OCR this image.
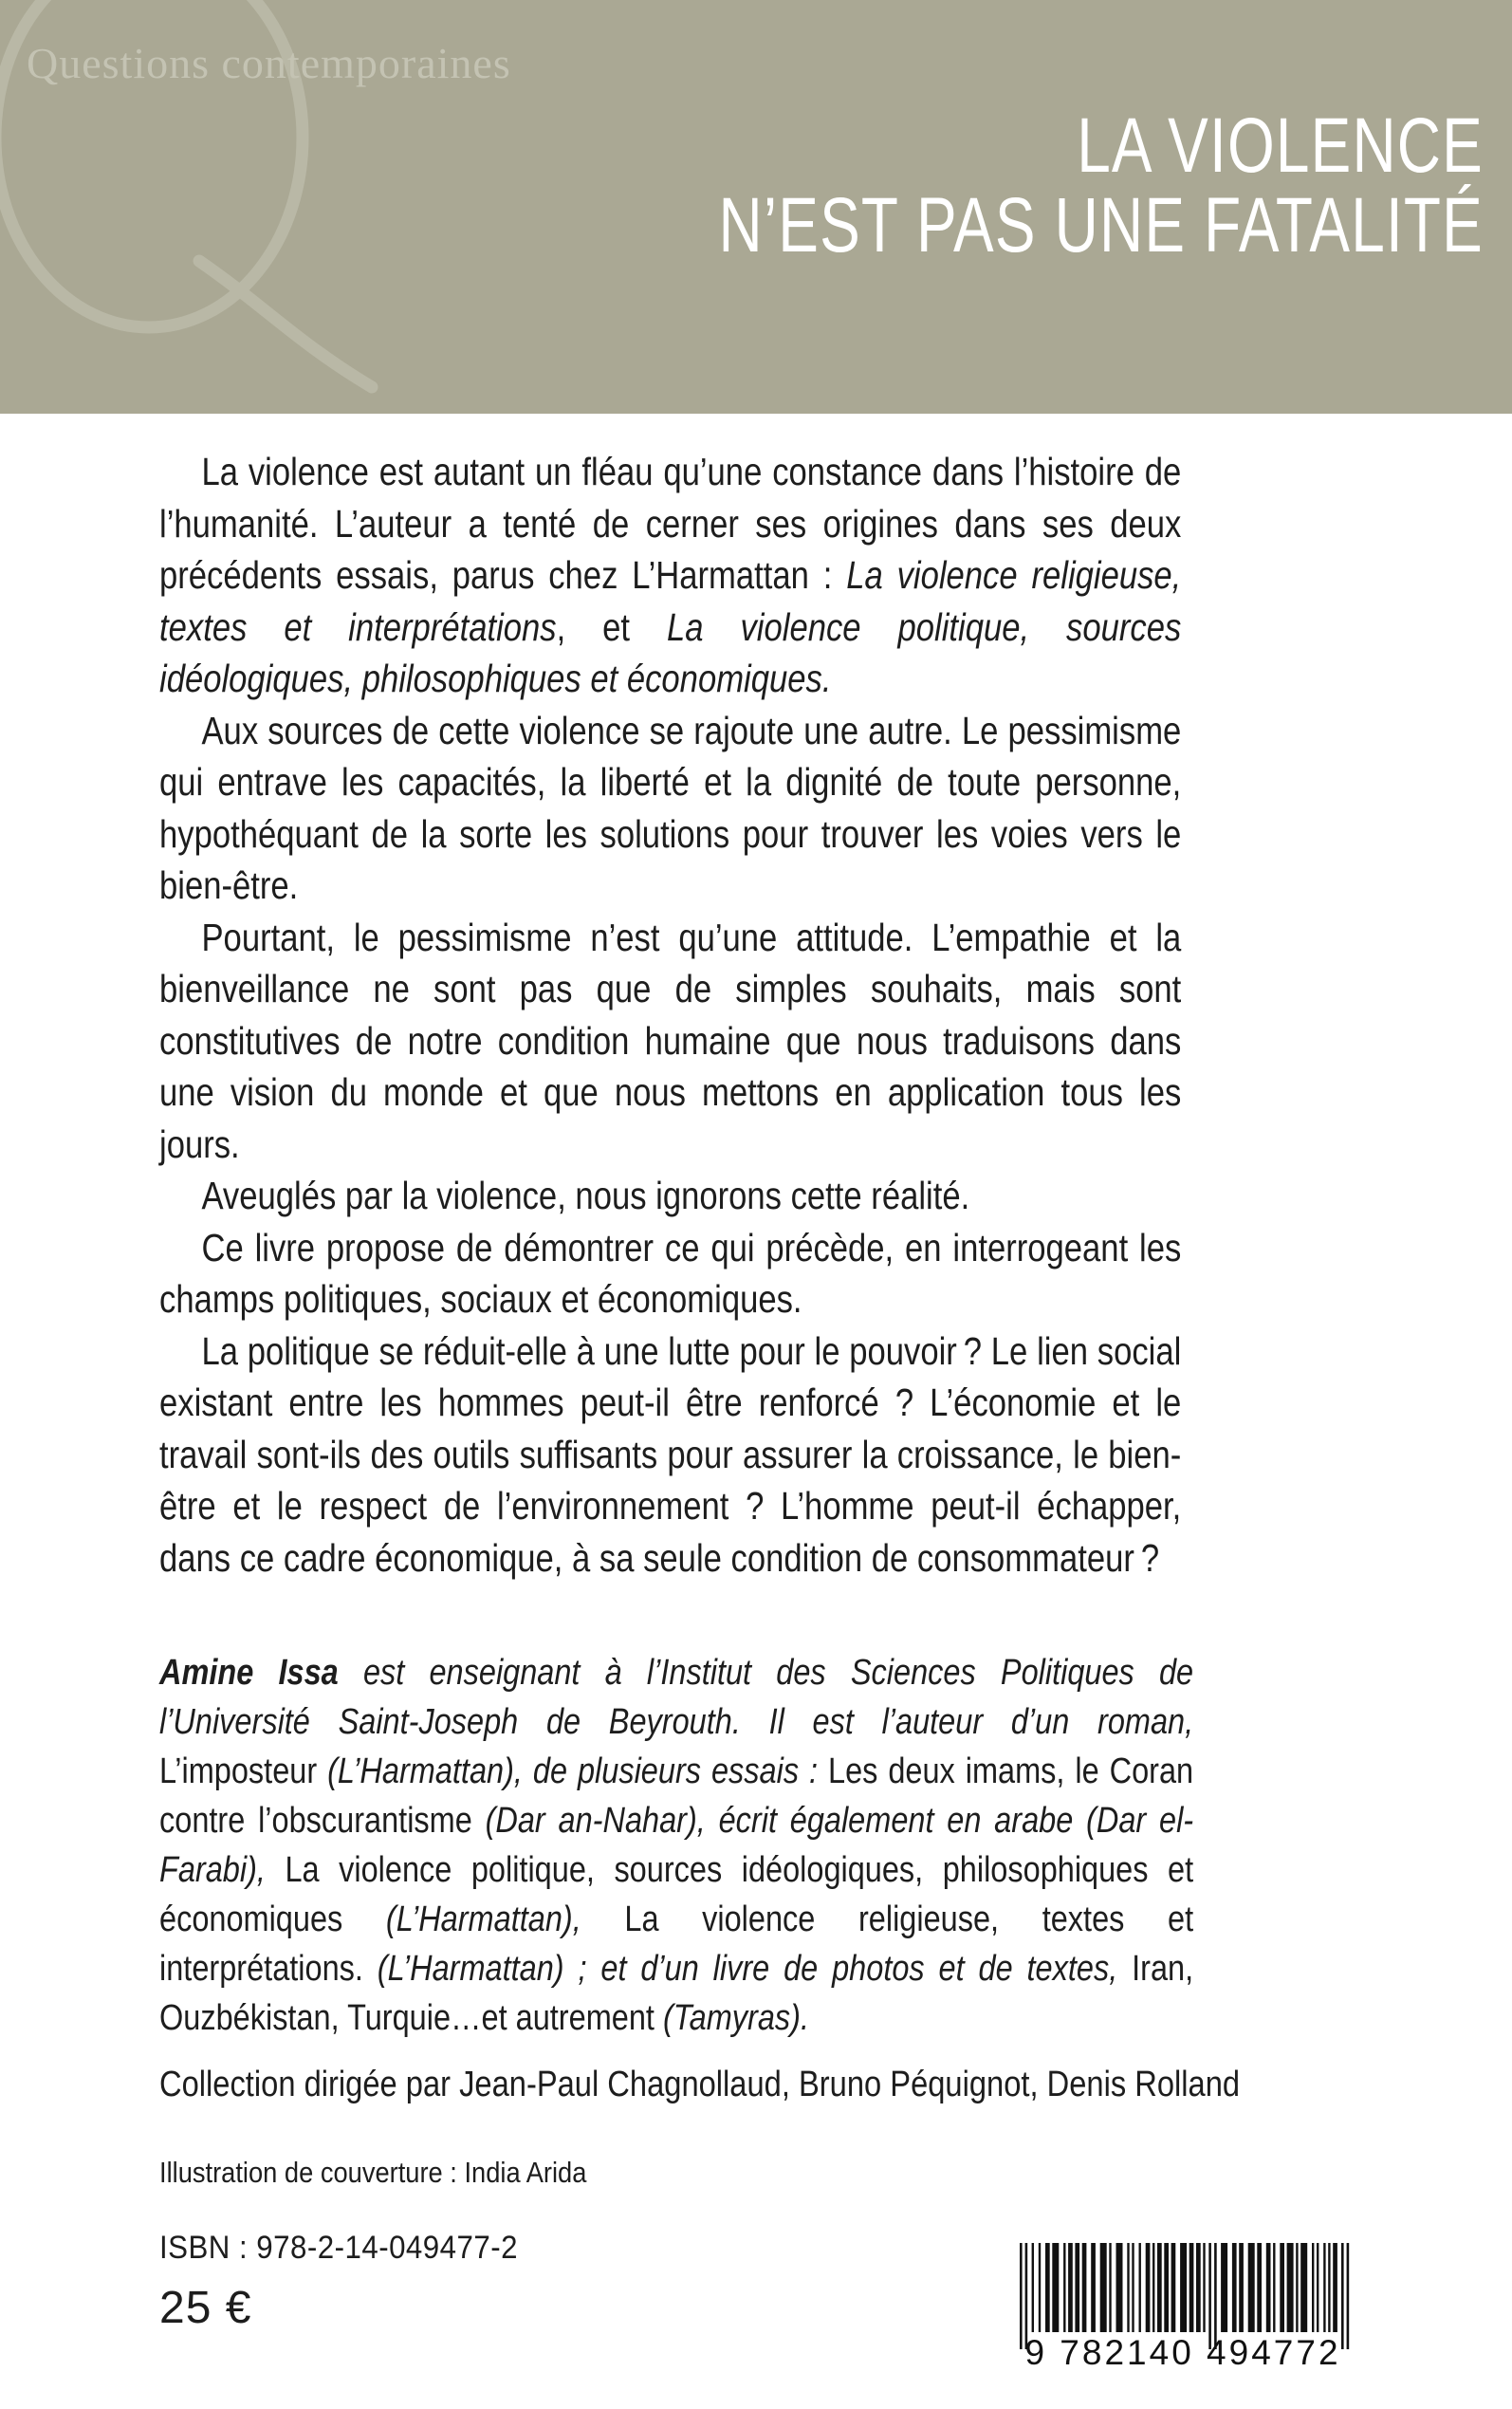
Questions contemporaines
LA VIOLENCE
N’EST PAS UNE FATALITÉ

La violence est autant un fléau qu’une constance dans l’histoire de l’humanité. L’auteur a tenté de cerner ses origines dans ses deux précédents essais, parus chez L’Harmattan : La violence religieuse, textes et interprétations, et La violence politique, sources idéologiques, philosophiques et économiques.

Aux sources de cette violence se rajoute une autre. Le pessimisme qui entrave les capacités, la liberté et la dignité de toute personne, hypothéquant de la sorte les solutions pour trouver les voies vers le bien-être.

Pourtant, le pessimisme n’est qu’une attitude. L’empathie et la bienveillance ne sont pas que de simples souhaits, mais sont constitutives de notre condition humaine que nous traduisons dans une vision du monde et que nous mettons en application tous les jours.

Aveuglés par la violence, nous ignorons cette réalité.

Ce livre propose de démontrer ce qui précède, en interrogeant les champs politiques, sociaux et économiques.

La politique se réduit-elle à une lutte pour le pouvoir ? Le lien social existant entre les hommes peut-il être renforcé ? L’économie et le travail sont-ils des outils suffisants pour assurer la croissance, le bien-être et le respect de l’environnement ? L’homme peut-il échapper, dans ce cadre économique, à sa seule condition de consommateur ?

Amine Issa est enseignant à l’Institut des Sciences Politiques de l’Université Saint-Joseph de Beyrouth. Il est l’auteur d’un roman, L’imposteur (L’Harmattan), de plusieurs essais : Les deux imams, le Coran contre l’obscurantisme (Dar an-Nahar), écrit également en arabe (Dar el-Farabi), La violence politique, sources idéologiques, philosophiques et économiques (L’Harmattan), La violence religieuse, textes et interprétations. (L’Harmattan) ; et d’un livre de photos et de textes, Iran, Ouzbékistan, Turquie…et autrement (Tamyras).
Collection dirigée par Jean-Paul Chagnollaud, Bruno Péquignot, Denis Rolland
Illustration de couverture : India Arida
ISBN : 978-2-14-049477-2
25 €
9 782140 494772
